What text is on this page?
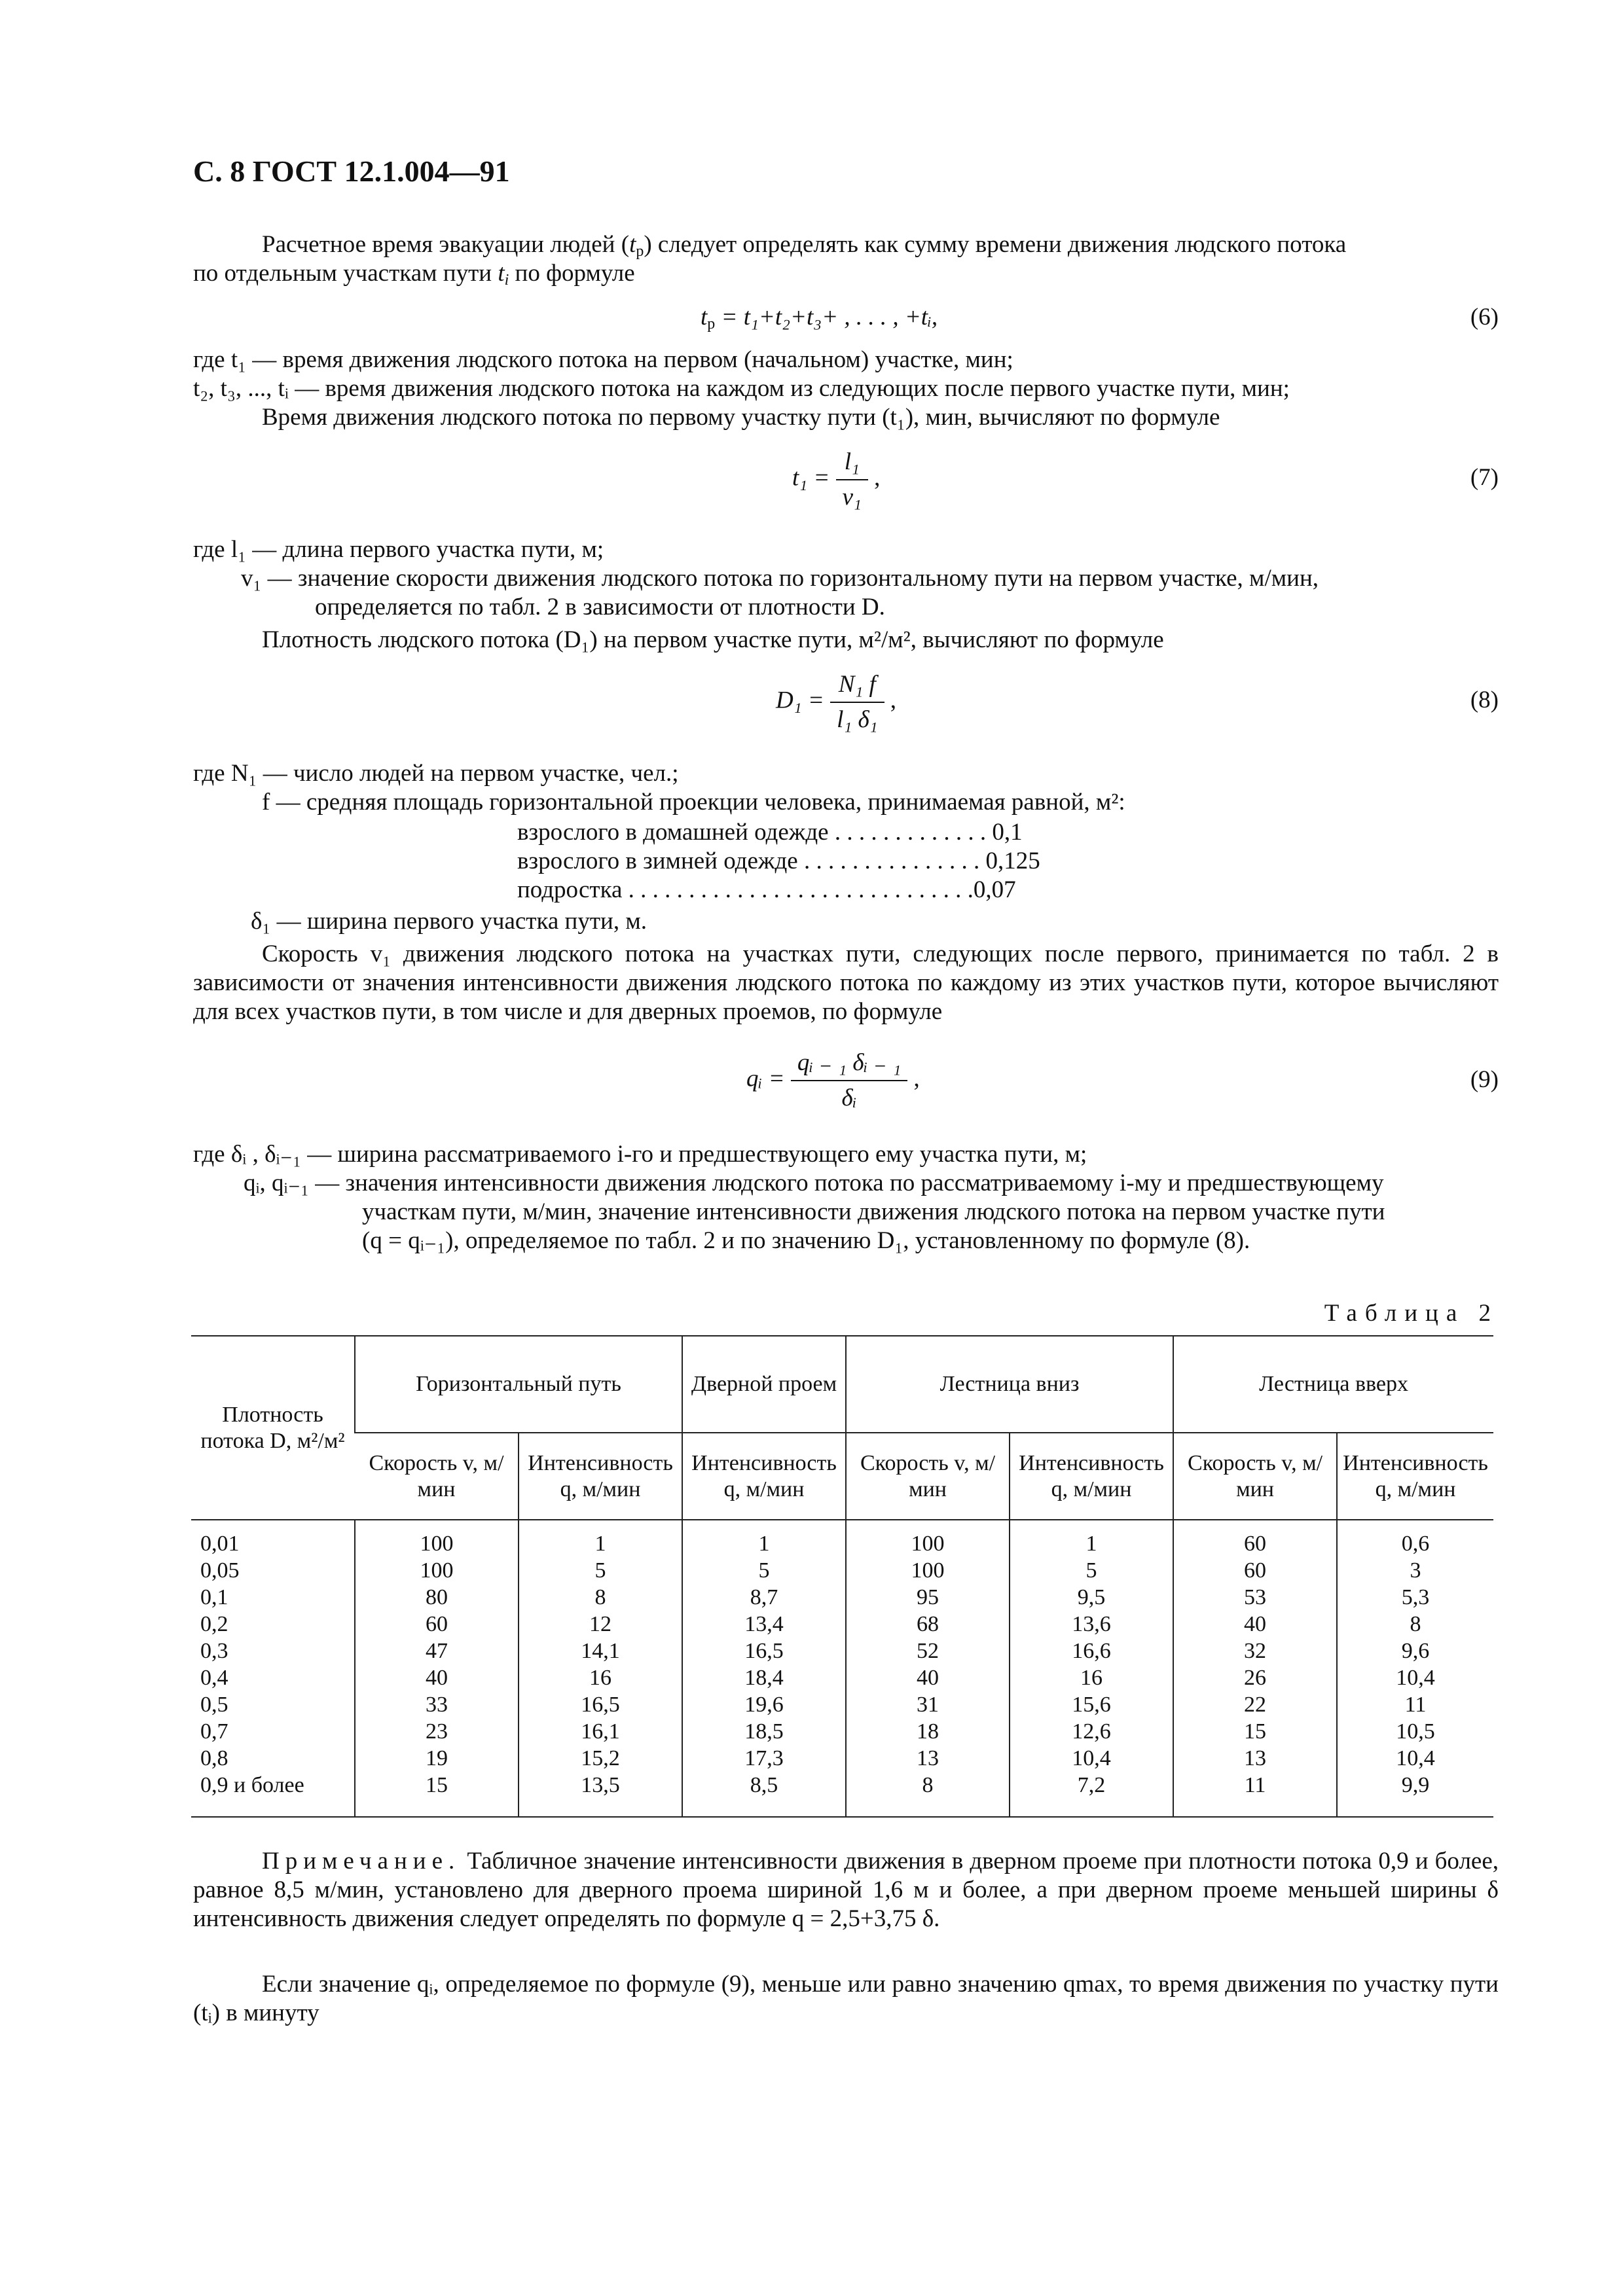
С. 8 ГОСТ 12.1.004—91
Расчетное время эвакуации людей $(t_р)$ следует определять как сумму времени движения людского потока
по отдельным участкам пути $t_i$ по формуле
$t_р = t_1+t_2+t_3+$ , . . . , +tᵢ,	(6)
где t₁ — время движения людского потока на первом (начальном) участке, мин;
t₂, t₃, ..., tᵢ — время движения людского потока на каждом из следующих после первого участке пути, мин;
Время движения людского потока по первому участку пути (t₁), мин, вычисляют по формуле
$t_1 = \frac{\text{l₁}}{\text{v₁}}$ ,	(7)
где l₁ — длина первого участка пути, м;
v₁ — значение скорости движения людского потока по горизонтальному пути на первом участке, м/мин,
определяется по табл. 2 в зависимости от плотности D.
Плотность людского потока (D₁) на первом участке пути, м²/м², вычисляют по формуле
$D_1 = \frac{\text{N₁ f}}{\text{l₁ δ₁}}$ ,	(8)
где N₁ — число людей на первом участке, чел.;
f — средняя площадь горизонтальной проекции человека, принимаемая равной, м²:
взрослого в домашней одежде . . . . . . . . . . . . . 0,1
взрослого в зимней одежде . . . . . . . . . . . . . . . 0,125
подростка . . . . . . . . . . . . . . . . . . . . . . . . . . . . .0,07
δ₁ — ширина первого участка пути, м.
Скорость v₁ движения людского потока на участках пути, следующих после первого, принимается по табл. 2 в зависимости от значения интенсивности движения людского потока по каждому из этих участков пути, которое вычисляют для всех участков пути, в том числе и для дверных проемов, по формуле
qᵢ = $\frac{\text{qᵢ ₋ ₁ δᵢ ₋ ₁}}{\text{δᵢ}}$ ,	(9)
где δᵢ , δᵢ₋₁ — ширина рассматриваемого i-го и предшествующего ему участка пути, м;
qᵢ, qᵢ₋₁ — значения интенсивности движения людского потока по рассматриваемому i-му и предшествующему
участкам пути, м/мин, значение интенсивности движения людского потока на первом участке пути
(q = qᵢ₋₁), определяемое по табл. 2 и по значению D₁, установленному по формуле (8).
Таблица 2
Плотность потока D, м²/м²	Горизонтальный путь		Дверной проем	Лестница вниз		Лестница вверх	
	Скорость v, м/мин	Интенсивность q, м/мин	Интенсивность q, м/мин	Скорость v, м/мин	Интенсивность q, м/мин	Скорость v, м/мин	Интенсивность q, м/мин
0,01	100	1	1	100	1	60	0,6
0,05	100	5	5	100	5	60	3
0,1	80	8	8,7	95	9,5	53	5,3
0,2	60	12	13,4	68	13,6	40	8
0,3	47	14,1	16,5	52	16,6	32	9,6
0,4	40	16	18,4	40	16	26	10,4
0,5	33	16,5	19,6	31	15,6	22	11
0,7	23	16,1	18,5	18	12,6	15	10,5
0,8	19	15,2	17,3	13	10,4	13	10,4
0,9 и более	15	13,5	8,5	8	7,2	11	9,9
Примечание. Табличное значение интенсивности движения в дверном проеме при плотности потока 0,9 и более, равное 8,5 м/мин, установлено для дверного проема шириной 1,6 м и более, а при дверном проеме меньшей ширины δ интенсивность движения следует определять по формуле q = 2,5+3,75 δ.
Если значение qᵢ, определяемое по формуле (9), меньше или равно значению qmax, то время движения по участку пути (tᵢ) в минуту
